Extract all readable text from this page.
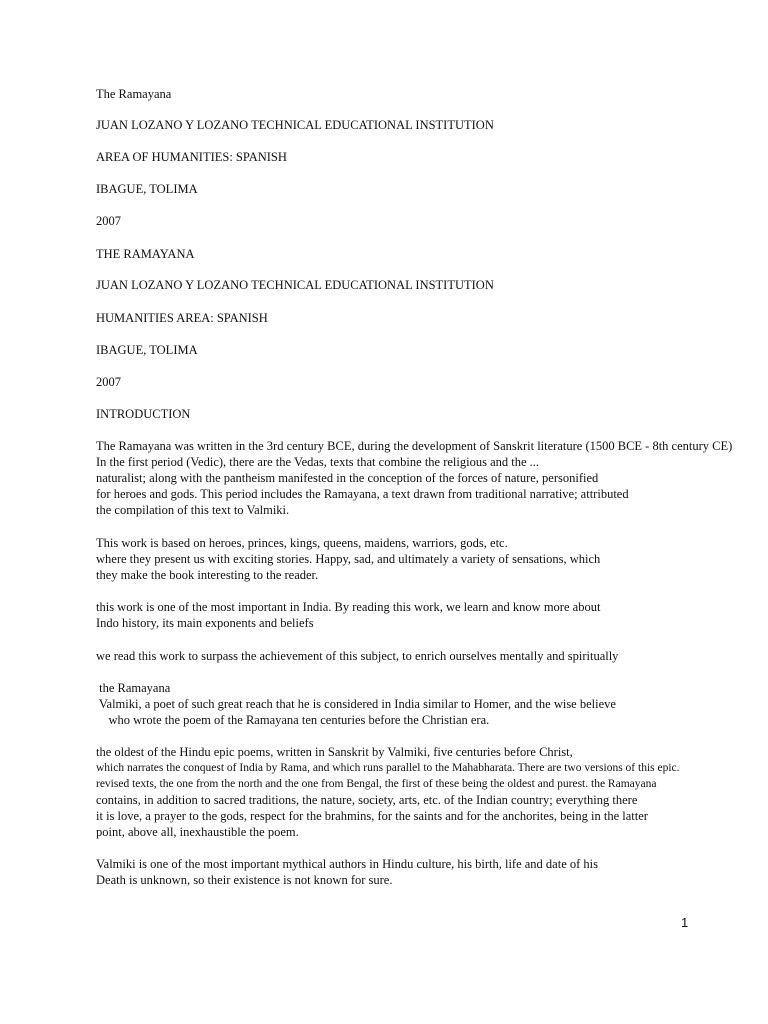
The Ramayana
JUAN LOZANO Y LOZANO TECHNICAL EDUCATIONAL INSTITUTION
AREA OF HUMANITIES: SPANISH
IBAGUE, TOLIMA
2007
THE RAMAYANA
JUAN LOZANO Y LOZANO TECHNICAL EDUCATIONAL INSTITUTION
HUMANITIES AREA: SPANISH
IBAGUE, TOLIMA
2007
INTRODUCTION
The Ramayana was written in the 3rd century BCE, during the development of Sanskrit literature (1500 BCE - 8th century CE)
In the first period (Vedic), there are the Vedas, texts that combine the religious and the ...
naturalist; along with the pantheism manifested in the conception of the forces of nature, personified
for heroes and gods. This period includes the Ramayana, a text drawn from traditional narrative; attributed
the compilation of this text to Valmiki.
This work is based on heroes, princes, kings, queens, maidens, warriors, gods, etc.
where they present us with exciting stories. Happy, sad, and ultimately a variety of sensations, which
they make the book interesting to the reader.
this work is one of the most important in India. By reading this work, we learn and know more about
Indo history, its main exponents and beliefs
we read this work to surpass the achievement of this subject, to enrich ourselves mentally and spiritually
the Ramayana
Valmiki, a poet of such great reach that he is considered in India similar to Homer, and the wise believe
who wrote the poem of the Ramayana ten centuries before the Christian era.
the oldest of the Hindu epic poems, written in Sanskrit by Valmiki, five centuries before Christ,
which narrates the conquest of India by Rama, and which runs parallel to the Mahabharata. There are two versions of this epic.
revised texts, the one from the north and the one from Bengal, the first of these being the oldest and purest. the Ramayana
contains, in addition to sacred traditions, the nature, society, arts, etc. of the Indian country; everything there
it is love, a prayer to the gods, respect for the brahmins, for the saints and for the anchorites, being in the latter
point, above all, inexhaustible the poem.
Valmiki is one of the most important mythical authors in Hindu culture, his birth, life and date of his
Death is unknown, so their existence is not known for sure.
1
